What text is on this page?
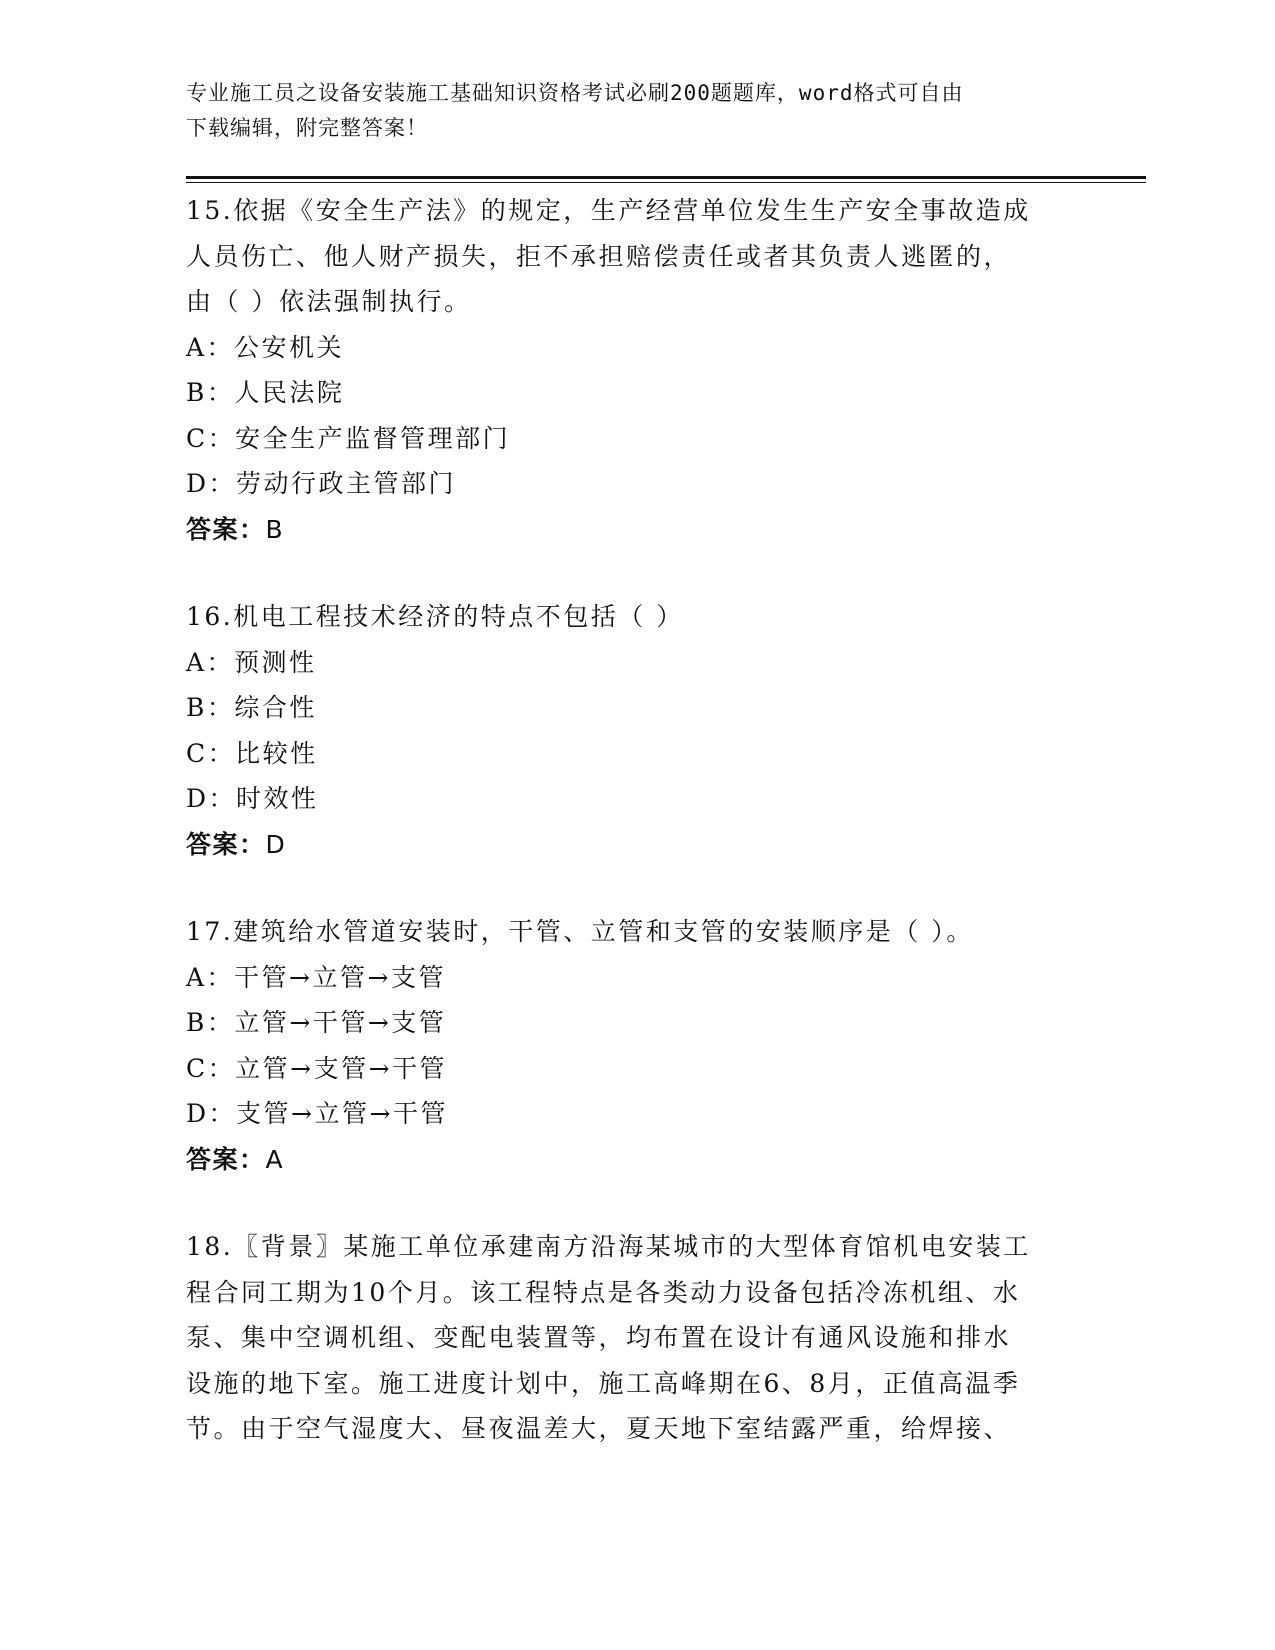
专业施工员之设备安装施工基础知识资格考试必刷200题题库，word格式可自由
下载编辑，附完整答案！
15.依据《安全生产法》的规定，生产经营单位发生生产安全事故造成
人员伤亡、他人财产损失，拒不承担赔偿责任或者其负责人逃匿的，
由（ ）依法强制执行。
A：公安机关
B：人民法院
C：安全生产监督管理部门
D：劳动行政主管部门
答案：B
16.机电工程技术经济的特点不包括（ ）
A：预测性
B：综合性
C：比较性
D：时效性
答案：D
17.建筑给水管道安装时，干管、立管和支管的安装顺序是（ ）。
A：干管→立管→支管
B：立管→干管→支管
C：立管→支管→干管
D：支管→立管→干管
答案：A
18.〖背景〗某施工单位承建南方沿海某城市的大型体育馆机电安装工
程合同工期为10个月。该工程特点是各类动力设备包括冷冻机组、水
泵、集中空调机组、变配电装置等，均布置在设计有通风设施和排水
设施的地下室。施工进度计划中，施工高峰期在6、8月，正值高温季
节。由于空气湿度大、昼夜温差大，夏天地下室结露严重，给焊接、
